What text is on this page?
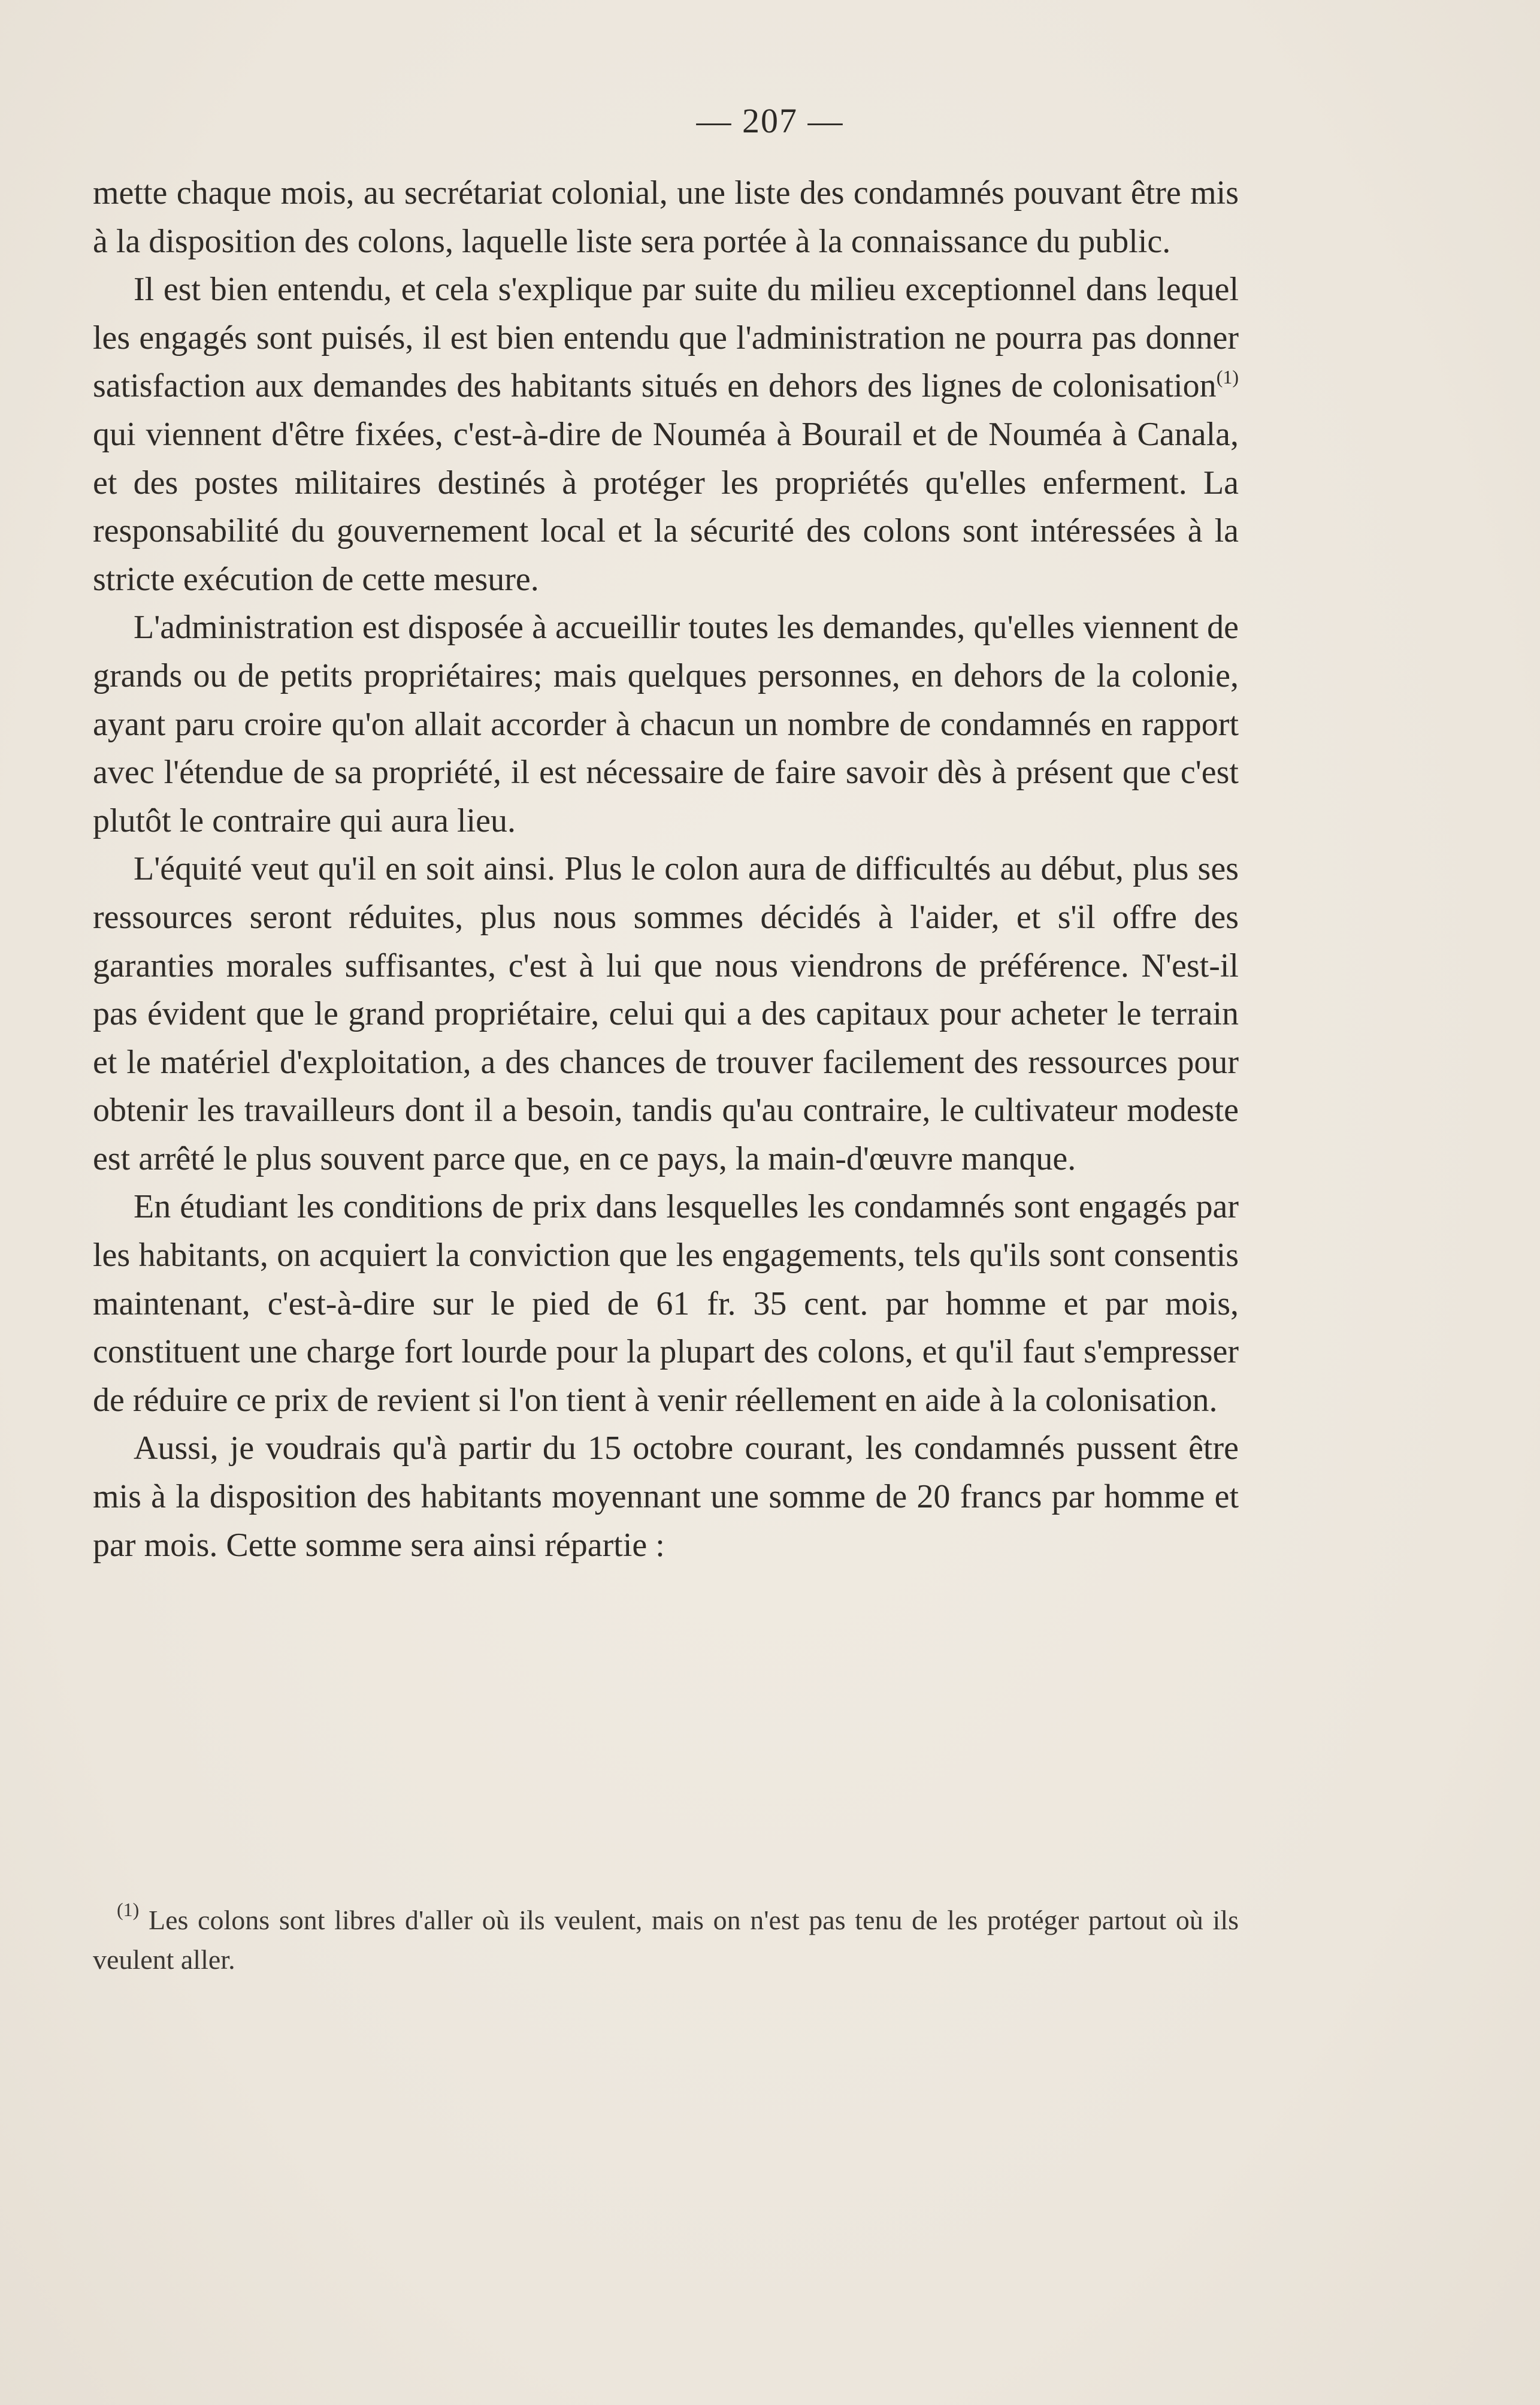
— 207 —

mette chaque mois, au secrétariat colonial, une liste des condamnés pouvant être mis à la disposition des colons, laquelle liste sera portée à la connaissance du public.

Il est bien entendu, et cela s'explique par suite du milieu exceptionnel dans lequel les engagés sont puisés, il est bien entendu que l'administration ne pourra pas donner satisfaction aux demandes des habitants situés en dehors des lignes de colonisation$^{(1)}$ qui viennent d'être fixées, c'est-à-dire de Nouméa à Bourail et de Nouméa à Canala, et des postes militaires destinés à protéger les propriétés qu'elles enferment. La responsabilité du gouvernement local et la sécurité des colons sont intéressées à la stricte exécution de cette mesure.

L'administration est disposée à accueillir toutes les demandes, qu'elles viennent de grands ou de petits propriétaires; mais quelques personnes, en dehors de la colonie, ayant paru croire qu'on allait accorder à chacun un nombre de condamnés en rapport avec l'étendue de sa propriété, il est nécessaire de faire savoir dès à présent que c'est plutôt le contraire qui aura lieu.

L'équité veut qu'il en soit ainsi. Plus le colon aura de difficultés au début, plus ses ressources seront réduites, plus nous sommes décidés à l'aider, et s'il offre des garanties morales suffisantes, c'est à lui que nous viendrons de préférence. N'est-il pas évident que le grand propriétaire, celui qui a des capitaux pour acheter le terrain et le matériel d'exploitation, a des chances de trouver facilement des ressources pour obtenir les travailleurs dont il a besoin, tandis qu'au contraire, le cultivateur modeste est arrêté le plus souvent parce que, en ce pays, la main-d'œuvre manque.

En étudiant les conditions de prix dans lesquelles les condamnés sont engagés par les habitants, on acquiert la conviction que les engagements, tels qu'ils sont consentis maintenant, c'est-à-dire sur le pied de 61 fr. 35 cent. par homme et par mois, constituent une charge fort lourde pour la plupart des colons, et qu'il faut s'empresser de réduire ce prix de revient si l'on tient à venir réellement en aide à la colonisation.

Aussi, je voudrais qu'à partir du 15 octobre courant, les condamnés pussent être mis à la disposition des habitants moyennant une somme de 20 francs par homme et par mois. Cette somme sera ainsi répartie :

$^{(1)}$ Les colons sont libres d'aller où ils veulent, mais on n'est pas tenu de les protéger partout où ils veulent aller.
